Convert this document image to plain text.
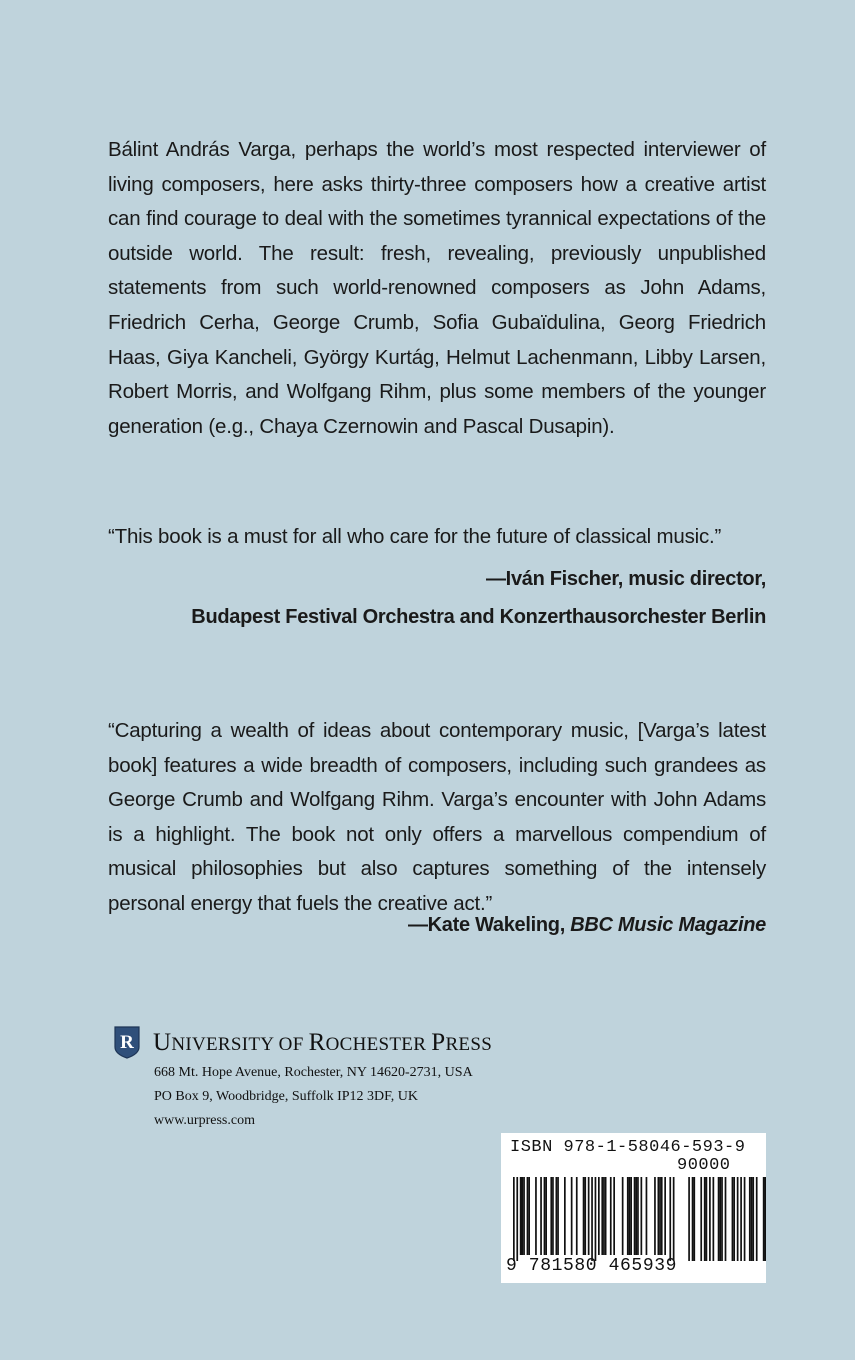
Bálint András Varga, perhaps the world’s most respected interviewer of living composers, here asks thirty-three composers how a creative artist can find courage to deal with the sometimes tyrannical expectations of the outside world. The result: fresh, revealing, previously unpublished statements from such world-renowned composers as John Adams, Friedrich Cerha, George Crumb, Sofia Gubaïdulina, Georg Friedrich Haas, Giya Kancheli, György Kurtág, Helmut Lachenmann, Libby Larsen, Robert Morris, and Wolfgang Rihm, plus some members of the younger generation (e.g., Chaya Czernowin and Pascal Dusapin).

“This book is a must for all who care for the future of classical music.”

—Iván Fischer, music director,

Budapest Festival Orchestra and Konzerthausorchester Berlin

“Capturing a wealth of ideas about contemporary music, [Varga’s latest book] features a wide breadth of composers, including such grandees as George Crumb and Wolfgang Rihm. Varga’s encounter with John Adams is a highlight. The book not only offers a marvellous compendium of musical philosophies but also captures something of the intensely personal energy that fuels the creative act.”

—Kate Wakeling, BBC Music Magazine

R UNIVERSITY OF ROCHESTER PRESS
668 Mt. Hope Avenue, Rochester, NY 14620-2731, USA
PO Box 9, Woodbridge, Suffolk IP12 3DF, UK
www.urpress.com
ISBN 978-1-58046-593-9
90000
9 781580 465939
